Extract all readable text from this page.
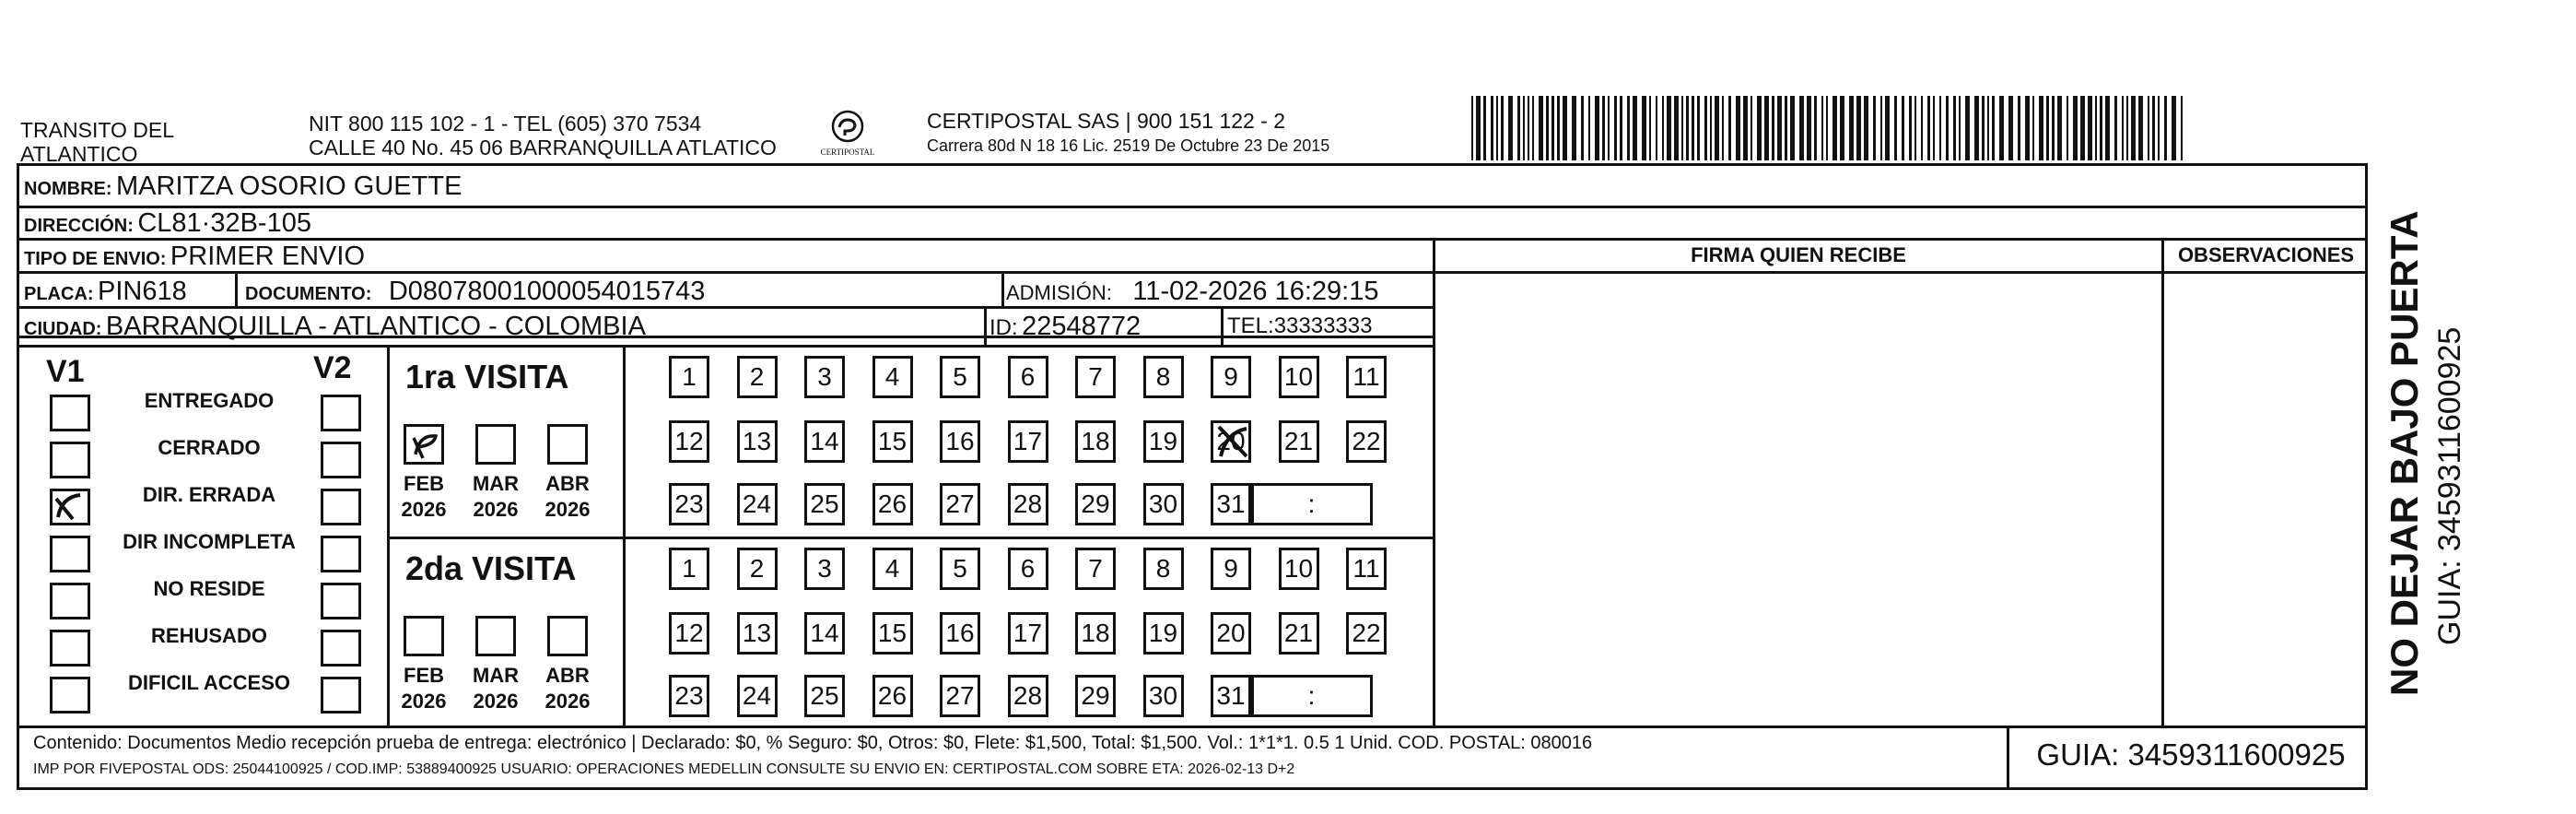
TRANSITO DEL
ATLANTICO
NIT 800 115 102 - 1 - TEL (605) 370 7534
CALLE 40 No. 45 06 BARRANQUILLA ATLATICO	CERTIPOSTAL
CERTIPOSTAL SAS | 900 151 122 - 2
Carrera 80d N 18 16 Lic. 2519 De Octubre 23 De 2015
NOMBRE: MARITZA OSORIO GUETTE
DIRECCIÓN: CL81·32B-105
TIPO DE ENVIO: PRIMER ENVIO
PLACA: PIN618	DOCUMENTO: D08078001000054015743	ADMISIÓN: 11-02-2026 16:29:15
CIUDAD: BARRANQUILLA - ATLANTICO - COLOMBIA	ID: 22548772	TEL:33333333
FIRMA QUIEN RECIBE	OBSERVACIONES
V1	V2
ENTREGADO
CERRADO
DIR. ERRADA
DIR INCOMPLETA
NO RESIDE
REHUSADO
DIFICIL ACCESO
1ra VISITA
FEB
2026
MAR
2026
ABR
2026
1	2	3	4	5	6	7	8	9	10 11
12 13 14 15 16 17 18 19 20 21 22
23 24 25 26 27 28 29 30 31	:
2da VISITA
FEB
2026
MAR
2026
ABR
2026
1	2	3	4	5	6	7	8	9	10 11
12 13 14 15 16 17 18 19 20 21 22
23 24 25 26 27 28 29 30 31	:
Contenido: Documentos Medio recepción prueba de entrega: electrónico | Declarado: $0, % Seguro: $0, Otros: $0, Flete: $1,500, Total: $1,500. Vol.: 1*1*1. 0.5 1 Unid. COD. POSTAL: 080016
IMP POR FIVEPOSTAL ODS: 25044100925 / COD.IMP: 53889400925 USUARIO: OPERACIONES MEDELLIN CONSULTE SU ENVIO EN: CERTIPOSTAL.COM SOBRE ETA: 2026-02-13 D+2	GUIA: 3459311600925
NO DEJAR BAJO PUERTA GUIA: 3459311600925
